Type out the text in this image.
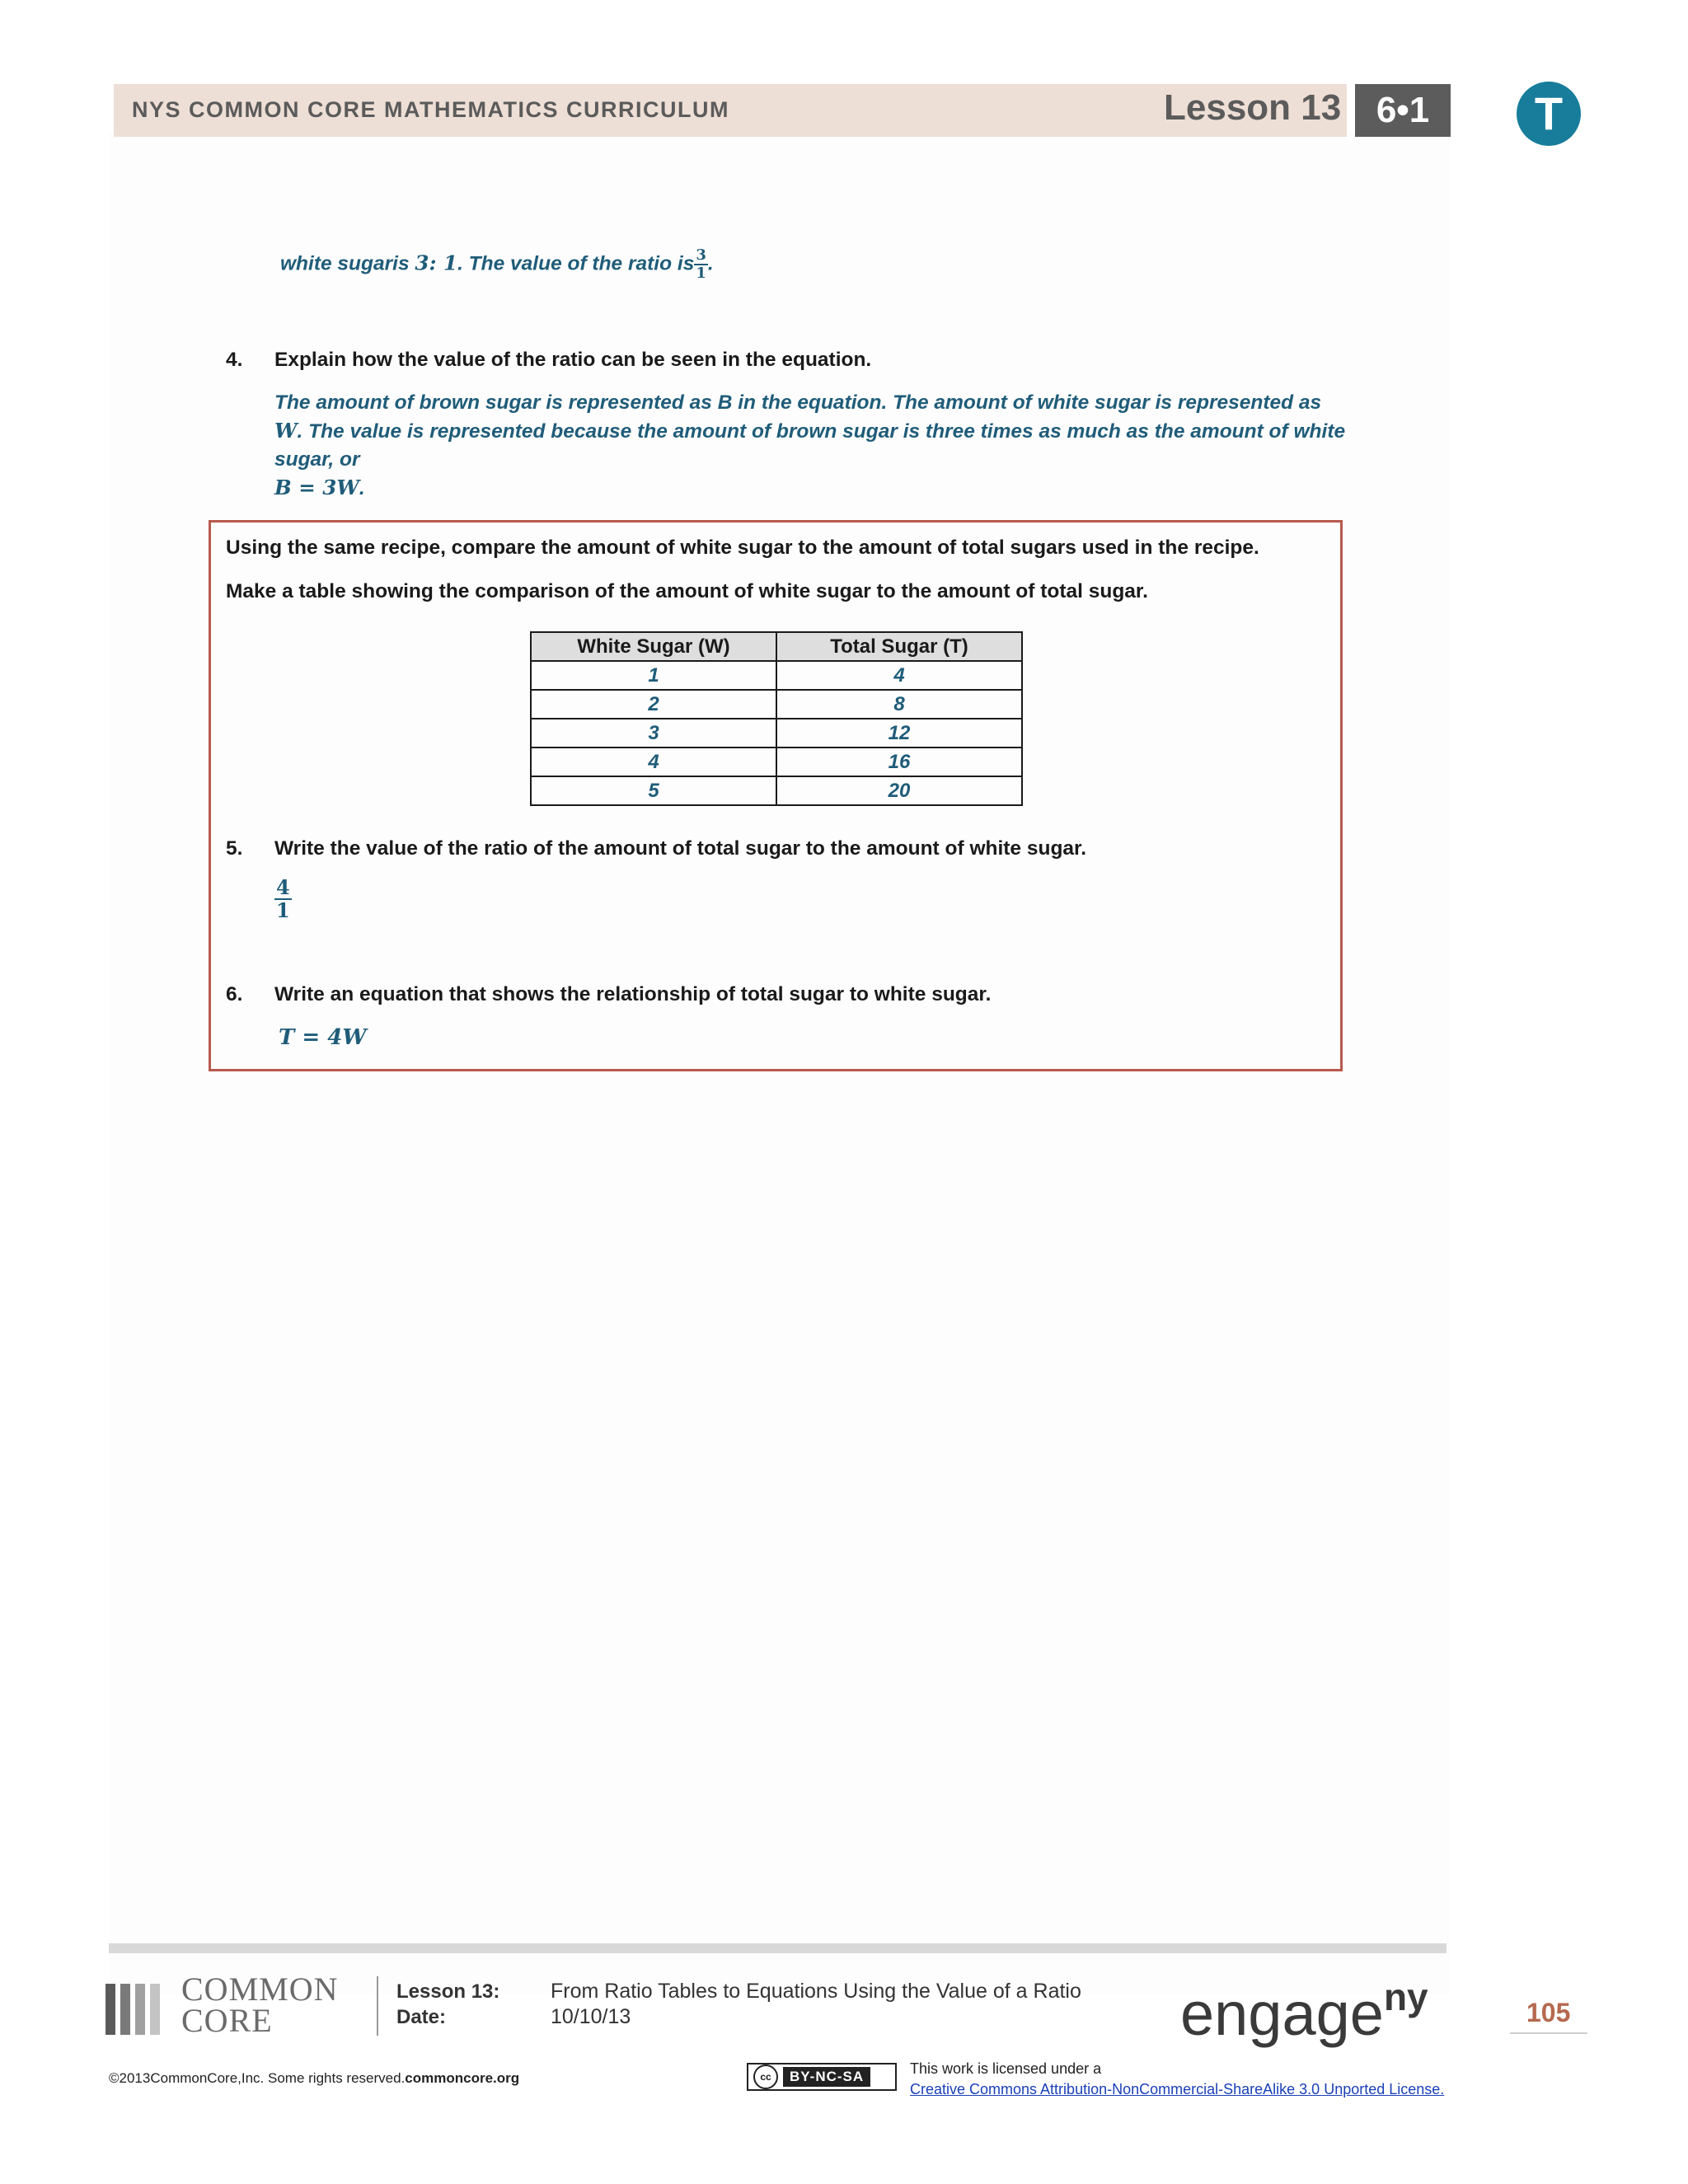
NYS COMMON CORE MATHEMATICS CURRICULUM	Lesson 13 6•1	T
white sugaris 3: 1. The value of the ratio is $\frac{3}{1}$ .
4. Explain how the value of the ratio can be seen in the equation.
The amount of brown sugar is represented as B in the equation. The amount of white sugar is represented as W. The value is represented because the amount of brown sugar is three times as much as the amount of white sugar, or
B = 3W.
Using the same recipe, compare the amount of white sugar to the amount of total sugars used in the recipe.
Make a table showing the comparison of the amount of white sugar to the amount of total sugar.
White Sugar (W)	Total Sugar (T)
1	4
2	8
3	12
4	16
5	20
5. Write the value of the ratio of the amount of total sugar to the amount of white sugar.
$\frac{4}{1}$
6. Write an equation that shows the relationship of total sugar to white sugar.
T = 4W
COMMON
CORE
Lesson 13:
Date:
From Ratio Tables to Equations Using the Value of a Ratio
10/10/13	engage$^{ny}$	105
©2013CommonCore,Inc. Some rights reserved.commoncore.org	cc	BY-NC-SA	This work is licensed under a
Creative Commons Attribution-NonCommercial-ShareAlike 3.0 Unported License.
